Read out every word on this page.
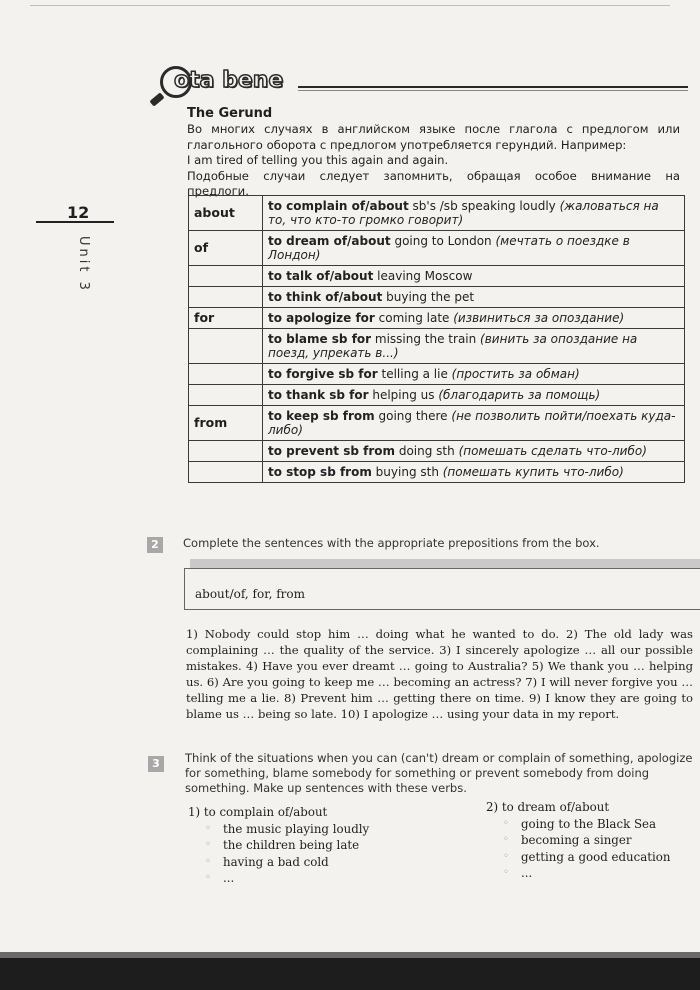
12
Unit 3
ota bene
The Gerund

Во многих случаях в английском языке после глагола с предлогом или

глагольного оборота с предлогом употребляется герундий. Например:

I am tired of telling you this again and again.

Подобные случаи следует запомнить, обращая особое внимание на

предлоги.

about	to complain of/about sb's /sb speaking loudly (жаловаться на то, что кто-то громко говорит)
of	to dream of/about going to London (мечтать о поездке в Лондон)
	to talk of/about leaving Moscow
	to think of/about buying the pet
for	to apologize for coming late (извиниться за опоздание)
	to blame sb for missing the train (винить за опоздание на поезд, упрекать в...)
	to forgive sb for telling a lie (простить за обман)
	to thank sb for helping us (благодарить за помощь)
from	to keep sb from going there (не позволить пойти/поехать куда-либо)
	to prevent sb from doing sth (помешать сделать что-либо)
	to stop sb from buying sth (помешать купить что-либо)
2	Complete the sentences with the appropriate prepositions from the box.
about/of, for, from
1) Nobody could stop him … doing what he wanted to do. 2) The old lady was complaining … the quality of the service. 3) I sincerely apologize … all our possible mistakes. 4) Have you ever dreamt … going to Australia? 5) We thank you … helping us. 6) Are you going to keep me … becoming an actress? 7) I will never forgive you … telling me a lie. 8) Prevent him … getting there on time. 9) I know they are going to blame us … being so late. 10) I apologize … using your data in my report.
3	Think of the situations when you can (can't) dream or complain of something, apologize for something, blame somebody for something or prevent somebody from doing something. Make up sentences with these verbs.

1) to complain of/about

◦ the music playing loudly
◦ the children being late
◦ having a bad cold
◦ ...

2) to dream of/about

◦ going to the Black Sea
◦ becoming a singer
◦ getting a good education
◦ ...
